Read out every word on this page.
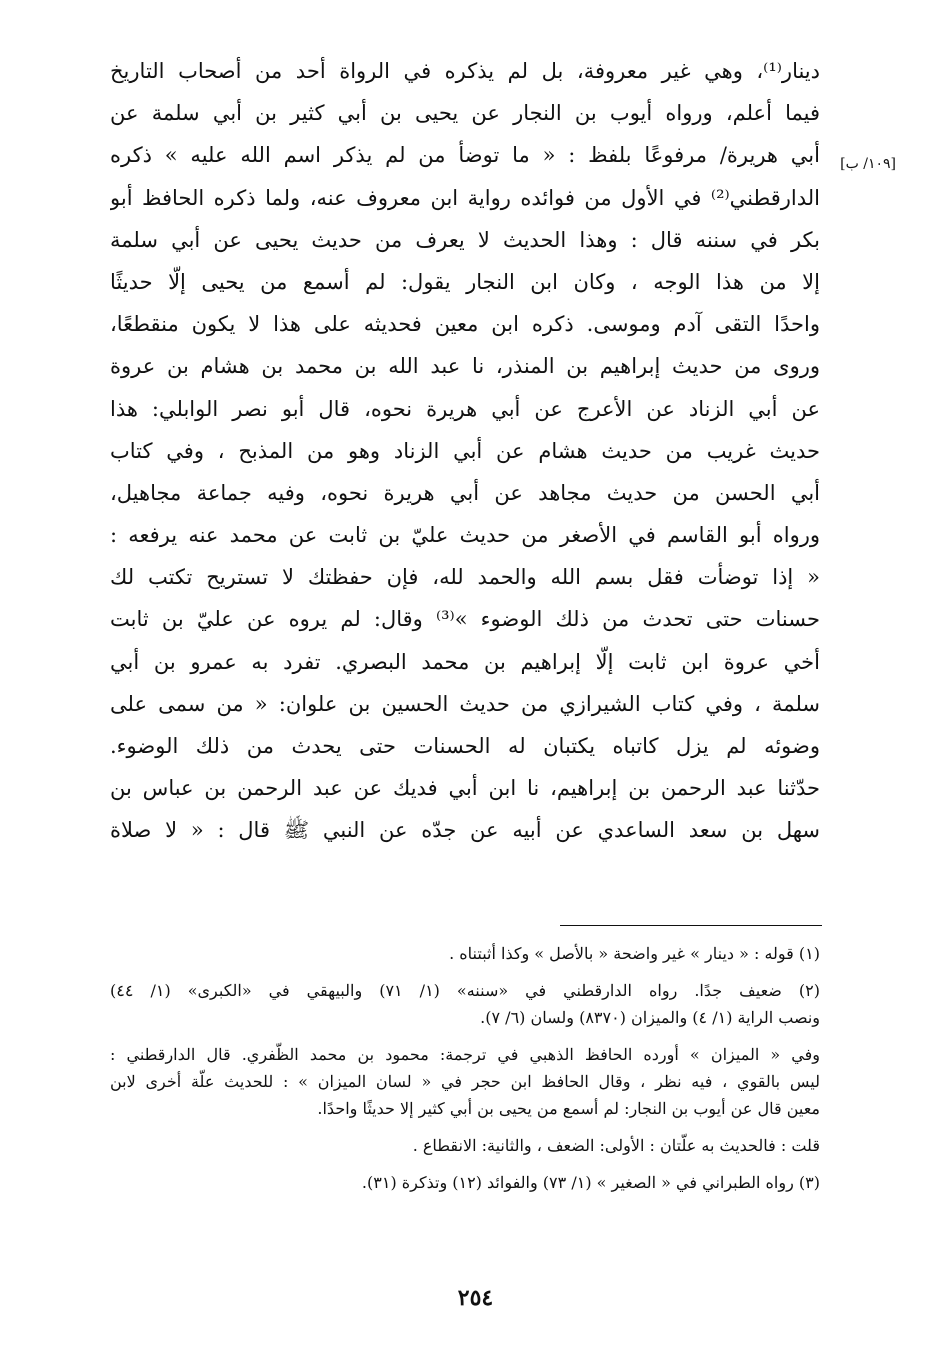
[١٠٩/ ب]
دينار⁽¹⁾، وهي غير معروفة، بل لم يذكره في الرواة أحد من أصحاب التاريخ
فيما أعلم، ورواه أيوب بن النجار عن يحيى بن أبي كثير بن أبي سلمة عن
أبي هريرة/ مرفوعًا بلفظ : « ما توضأ من لم يذكر اسم الله عليه » ذكره
الدارقطني⁽²⁾ في الأول من فوائده رواية ابن معروف عنه، ولما ذكره الحافظ أبو
بكر في سننه قال : وهذا الحديث لا يعرف من حديث يحيى عن أبي سلمة
إلا من هذا الوجه ، وكان ابن النجار يقول: لم أسمع من يحيى إلّا حديثًا
واحدًا التقى آدم وموسى. ذكره ابن معين فحديثه على هذا لا يكون منقطعًا،
وروى من حديث إبراهيم بن المنذر، نا عبد الله بن محمد بن هشام بن عروة
عن أبي الزناد عن الأعرج عن أبي هريرة نحوه، قال أبو نصر الوابلي: هذا
حديث غريب من حديث هشام عن أبي الزناد وهو من المذبح ، وفي كتاب
أبي الحسن من حديث مجاهد عن أبي هريرة نحوه، وفيه جماعة مجاهيل،
ورواه أبو القاسم في الأصغر من حديث عليّ بن ثابت عن محمد عنه يرفعه :
« إذا توضأت فقل بسم الله والحمد لله، فإن حفظتك لا تستريح تكتب لك
حسنات حتى تحدث من ذلك الوضوء »⁽³⁾ وقال: لم يروه عن عليّ بن ثابت
أخي عروة ابن ثابت إلّا إبراهيم بن محمد البصري. تفرد به عمرو بن أبي
سلمة ، وفي كتاب الشيرازي من حديث الحسين بن علوان: « من سمى على
وضوئه لم يزل كاتباه يكتبان له الحسنات حتى يحدث من ذلك الوضوء.
حدّثنا عبد الرحمن بن إبراهيم، نا ابن أبي فديك عن عبد الرحمن بن عباس بن
سهل بن سعد الساعدي عن أبيه عن جدّه عن النبي ﷺ قال : « لا صلاة
(١) قوله : « دينار » غير واضحة « بالأصل » وكذا أثبتناه .
(٢) ضعيف جدًا. رواه الدارقطني في «سننه» (١/ ٧١) والبيهقي في «الكبرى» (١/ ٤٤)
ونصب الراية (١/ ٤) والميزان (٨٣٧٠) ولسان (٦/ ٧).
وفي « الميزان » أورده الحافظ الذهبي في ترجمة: محمود بن محمد الظّفري. قال الدارقطني :
ليس بالقوي ، فيه نظر ، وقال الحافظ ابن حجر في « لسان الميزان » : للحديث علّة أخرى لابن
معين قال عن أيوب بن النجار: لم أسمع من يحيى بن أبي كثير إلا حديثًا واحدًا.
قلت : فالحديث به علّتان : الأولى: الضعف ، والثانية: الانقطاع .
(٣) رواه الطبراني في « الصغير » (١/ ٧٣) والفوائد (١٢) وتذكرة (٣١).
٢٥٤
